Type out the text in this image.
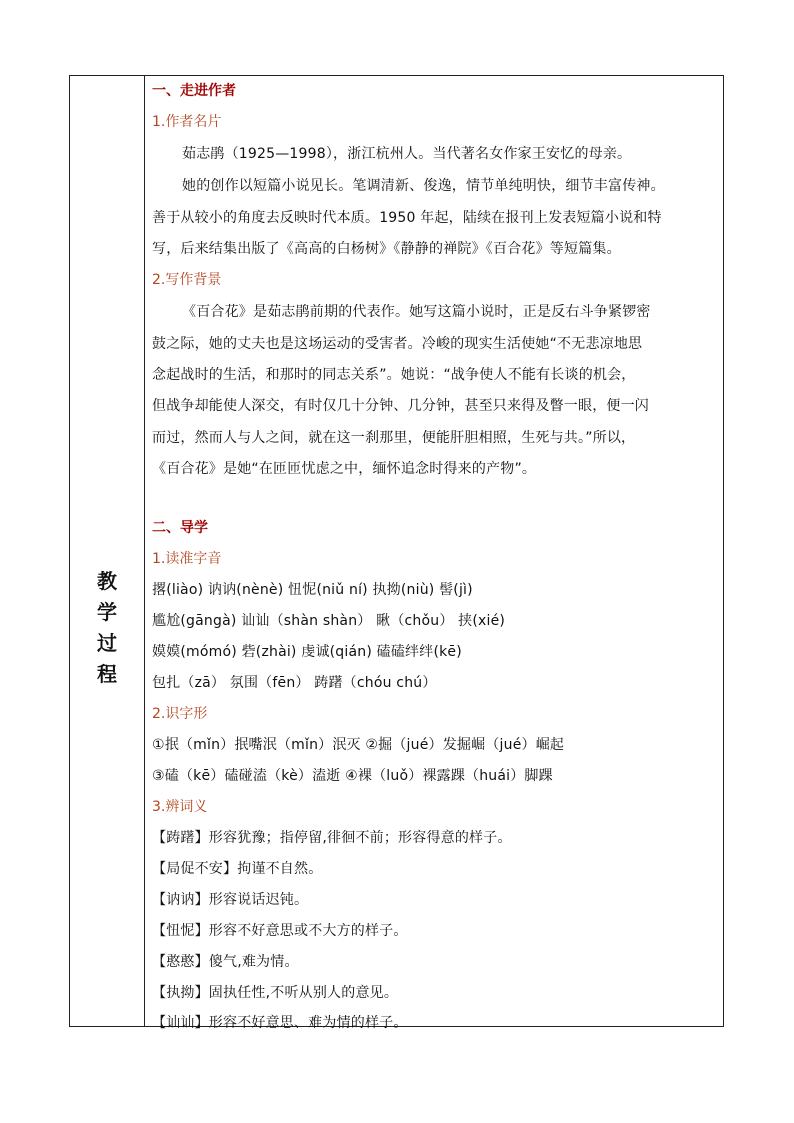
教
学
过
程
一、走进作者
1.作者名片
茹志鹃（1925—1998），浙江杭州人。当代著名女作家王安忆的母亲。
她的创作以短篇小说见长。笔调清新、俊逸，情节单纯明快，细节丰富传神。
善于从较小的角度去反映时代本质。1950 年起，陆续在报刊上发表短篇小说和特
写，后来结集出版了《高高的白杨树》《静静的禅院》《百合花》等短篇集。
2.写作背景
《百合花》是茹志鹃前期的代表作。她写这篇小说时，正是反右斗争紧锣密
鼓之际，她的丈夫也是这场运动的受害者。冷峻的现实生活使她“不无悲凉地思
念起战时的生活，和那时的同志关系”。她说：“战争使人不能有长谈的机会，
但战争却能使人深交，有时仅几十分钟、几分钟，甚至只来得及瞥一眼，便一闪
而过，然而人与人之间，就在这一刹那里，便能肝胆相照，生死与共。”所以，
《百合花》是她“在匝匝忧虑之中，缅怀追念时得来的产物”。
二、导学
1.读准字音
撂(liào) 讷讷(nènè) 忸怩(niǔ ní) 执拗(niù) 髻(jì)
尴尬(gāngà) 讪讪（shàn shàn） 瞅（chǒu） 挟(xié)
嫫嫫(mómó) 砦(zhài) 虔诚(qián) 磕磕绊绊(kē)
包扎（zā） 氛围（fēn） 踌躇（chóu chú）
2.识字形
①抿（mǐn）抿嘴泯（mǐn）泯灭 ②掘（jué）发掘崛（jué）崛起
③磕（kē）磕碰溘（kè）溘逝 ④裸（luǒ）裸露踝（huái）脚踝
3.辨词义
【踌躇】形容犹豫；指停留,徘徊不前；形容得意的样子。
【局促不安】拘谨不自然。
【讷讷】形容说话迟钝。
【忸怩】形容不好意思或不大方的样子。
【憨憨】傻气,难为情。
【执拗】固执任性,不听从别人的意见。
【讪讪】形容不好意思、难为情的样子。
